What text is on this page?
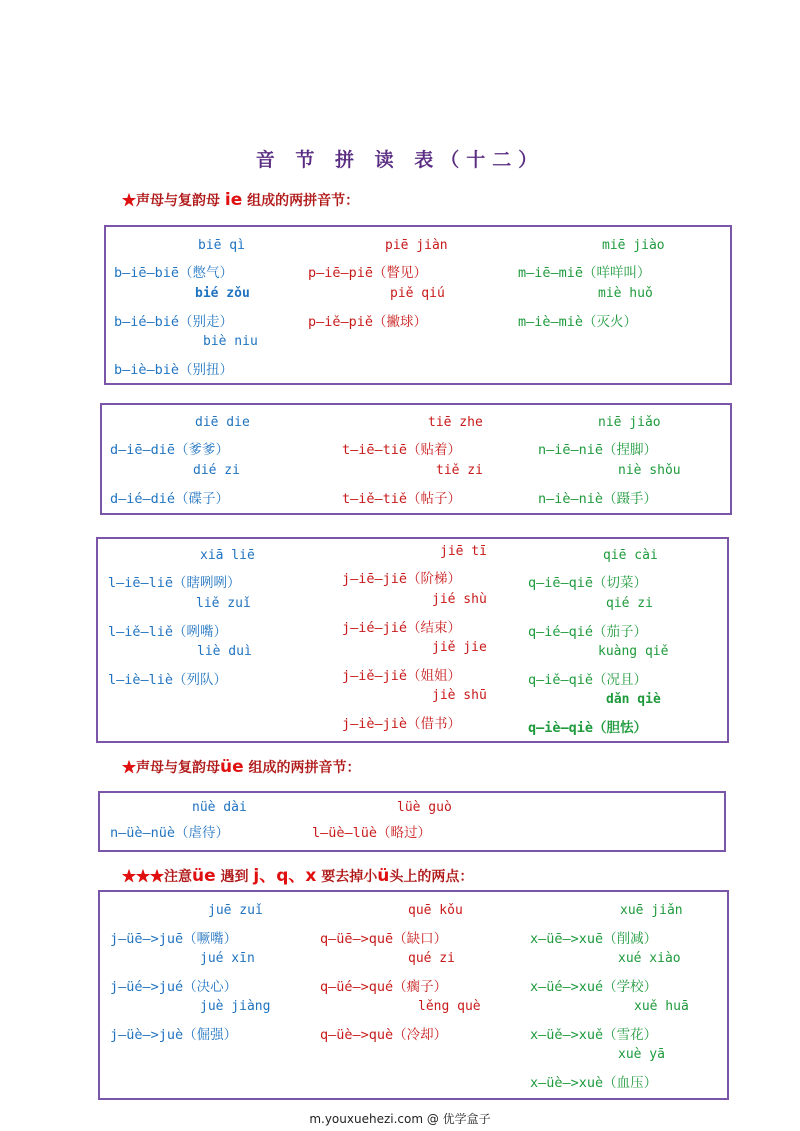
音 节 拼 读 表（十二）
★声母与复韵母 ie 组成的两拼音节：
biē qì
b—iē—biē（憋气）
bié zǒu
b—ié—bié（别走）
biè niu
b—iè—biè（别扭）
piē jiàn
p—iē—piē（瞥见）
piě qiú
p—iě—piě（撇球）
miē jiào
m—iē—miē（咩咩叫）
miè huǒ
m—iè—miè（灭火）
diē die
d—iē—diē（爹爹）
dié zi
d—ié—dié（碟子）
tiē zhe
t—iē—tiē（贴着）
tiě zi
t—iě—tiě（帖子）
niē jiǎo
n—iē—niē（捏脚）
niè shǒu
n—iè—niè（蹑手）
xiā liē
l—iē—liē（瞎咧咧）
liě zuǐ
l—iě—liě（咧嘴）
liè duì
l—iè—liè（列队）
jiē tī
j—iē—jiē（阶梯）
jié shù
j—ié—jié（结束）
jiě jie
j—iě—jiě（姐姐）
jiè shū
j—iè—jiè（借书）
qiē cài
q—iē—qiē（切菜）
qié zi
q—ié—qié（茄子）
kuàng qiě
q—iě—qiě（况且）
dǎn qiè
q—iè—qiè（胆怯）
★声母与复韵母üe 组成的两拼音节：
nüè dài
n—üè—nüè（虐待）
lüè guò
l—üè—lüè（略过）
★★★注意üe 遇到 j、q、x 要去掉小ü头上的两点：
juē zuǐ
j—üē—>juē（噘嘴）
jué xīn
j—üé—>jué（决心）
juè jiàng
j—üè—>juè（倔强）
quē kǒu
q—üē—>quē（缺口）
qué zi
q—üé—>qué（瘸子）
lěng què
q—üè—>què（冷却）
xuē jiǎn
x—üē—>xuē（削减）
xué xiào
x—üé—>xué（学校）
xuě huā
x—üě—>xuě（雪花）
xuè yā
x—üè—>xuè（血压）
m.youxuehezi.com @ 优学盒子
